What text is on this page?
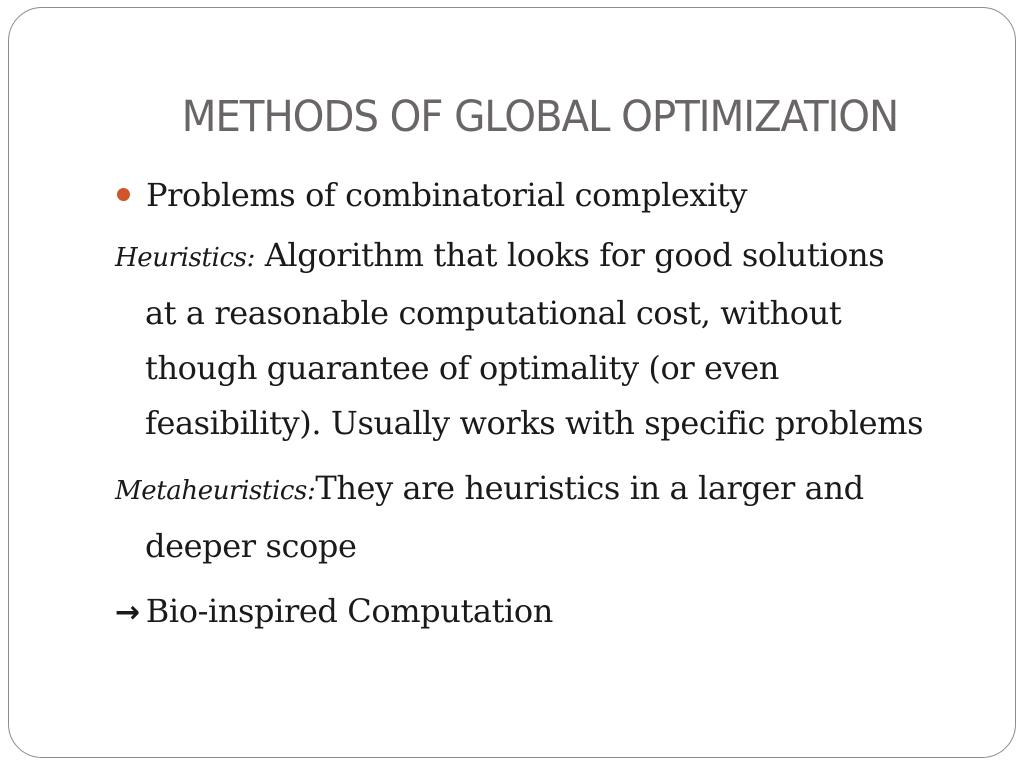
METHODS OF GLOBAL OPTIMIZATION
Problems of combinatorial complexity
Heuristics: Algorithm that looks for good solutions
at a reasonable computational cost, without
though guarantee of optimality (or even
feasibility). Usually works with specific problems
Metaheuristics:They are heuristics in a larger and
deeper scope
→ Bio-inspired Computation
